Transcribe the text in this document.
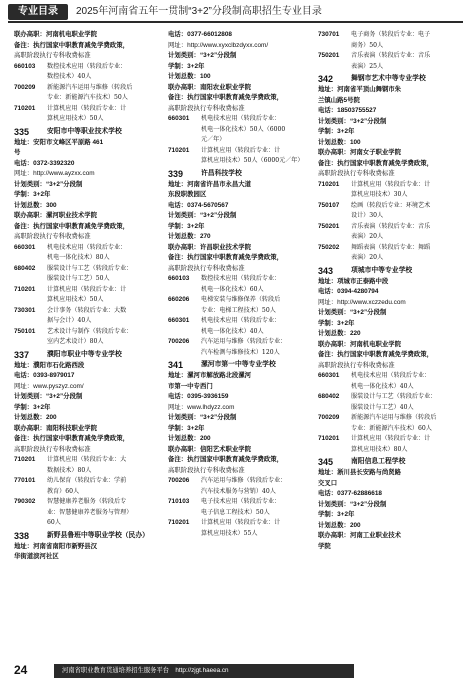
专业目录	2025年河南省五年一贯制“3+2”分段制高职招生专业目录
联办高职：河南机电职业学院
备注：执行国家中职教育减免学费政策，
高职阶段执行专科收费标准
660103	数控技术应用（转段后专业：
数控技术）40人
700209	新能源汽车运用与维修（转段后
专业：新能源汽车技术）50人
710201	计算机应用（转段后专业：计
算机应用技术）50人
335	安阳市中等职业技术学校
地址：安阳市文峰区平原路 461
号
电话：0372-3392320
网址：http://www.ayzxx.com
计划类别：“3+2”分段制
学制：3+2年
计划总数：300
联办高职：漯河职业技术学院
备注：执行国家中职教育减免学费政策，
高职阶段执行专科收费标准
660301	机电技术应用（转段后专业：
机电一体化技术）80人
680402	服装设计与工艺（转段后专业：
服装设计与工艺）50人
710201	计算机应用（转段后专业：计
算机应用技术）50人
730301	会计事务（转段后专业：大数
据与会计）40人
750101	艺术设计与制作（转段后专业：
室内艺术设计）80人
337	濮阳市职业中等专业学校
地址：濮阳市石化路西段
电话：0393-8979017
网址：www.pyszyz.com/
计划类别：“3+2”分段制
学制：3+2年
计划总数：200
联办高职：南阳科技职业学院
备注：执行国家中职教育减免学费政策，
高职阶段执行专科收费标准
710201	计算机应用（转段后专业：大
数据技术）80人
770101	幼儿保育（转段后专业：学前
教育）60人
790302	智慧健康养老服务（转段后专
业：智慧健康养老服务与管理）
60人
338	新野县鲁班中等职业学校（民办）
地址：河南省南阳市新野县汉
华街道滨河社区
电话：0377-66012808
网址：http://www.xyxclbzdyxx.com/
计划类别：“3+2”分段制
学制：3+2年
计划总数：100
联办高职：南阳农业职业学院
备注：执行国家中职教育减免学费政策，
高职阶段执行专科收费标准
660301	机电技术应用（转段后专业：
机电一体化技术）50人（6000
元／年）
710201	计算机应用（转段后专业：计
算机应用技术）50人（6000元／年）
339	许昌科技学校
地址：河南省许昌市永昌大道
东段职教园区
电话：0374-5670567
计划类别：“3+2”分段制
学制：3+2年
计划总数：270
联办高职：许昌职业技术学院
备注：执行国家中职教育减免学费政策，
高职阶段执行专科收费标准
660103	数控技术应用（转段后专业：
机电一体化技术）60人
660206	电梯安装与维修保养（转段后
专业：电梯工程技术）50人
660301	机电技术应用（转段后专业：
机电一体化技术）40人
700206	汽车运用与维修（转段后专业：
汽车检测与维修技术）120人
341	漯河市第一中等专业学校
地址：漯河市解放路北段漯河
市第一中专西门
电话：0395-3936159
网址：www.lhdyzz.com
计划类别：“3+2”分段制
学制：3+2年
计划总数：200
联办高职：信阳艺术职业学院
备注：执行国家中职教育减免学费政策，
高职阶段执行专科收费标准
700206	汽车运用与维修（转段后专业：
汽车技术服务与营销）40人
710103	电子技术应用（转段后专业：
电子信息工程技术）50人
710201	计算机应用（转段后专业：计
算机应用技术）55人
730701	电子商务（转段后专业：电子
商务）50人
750201	音乐表演（转段后专业：音乐
表演）25人
342	舞钢市艺术中等专业学校
地址：河南省平顶山舞钢市朱
兰镇山路5号院
电话：18503755527
计划类别：“3+2”分段制
学制：3+2年
计划总数：100
联办高职：河南女子职业学院
备注：执行国家中职教育减免学费政策，
高职阶段执行专科收费标准
710201	计算机应用（转段后专业：计
算机应用技术）30人
750107	绘画（转段后专业：环境艺术
设计）30人
750201	音乐表演（转段后专业：音乐
表演）20人
750202	舞蹈表演（转段后专业：舞蹈
表演）20人
343	项城市中等专业学校
地址：项城市正泰路中段
电话：0394-4280794
网址：http://www.xczzedu.com
计划类别：“3+2”分段制
学制：3+2年
计划总数：220
联办高职：河南机电职业学院
备注：执行国家中职教育减免学费政策，
高职阶段执行专科收费标准
660301	机电技术应用（转段后专业：
机电一体化技术）40人
680402	服装设计与工艺（转段后专业：
服装设计与工艺）40人
700209	新能源汽车运用与维修（转段后
专业：新能源汽车技术）60人
710201	计算机应用（转段后专业：计
算机应用技术）80人
345	南阳信息工程学校
地址：淅川县长安路与尚贤路
交叉口
电话：0377-62886618
计划类别：“3+2”分段制
学制：3+2年
计划总数：200
联办高职：河南工业职业技术
学院
24	河南省职业教育贯通培养招生服务平台　http://zjgt.haeea.cn
